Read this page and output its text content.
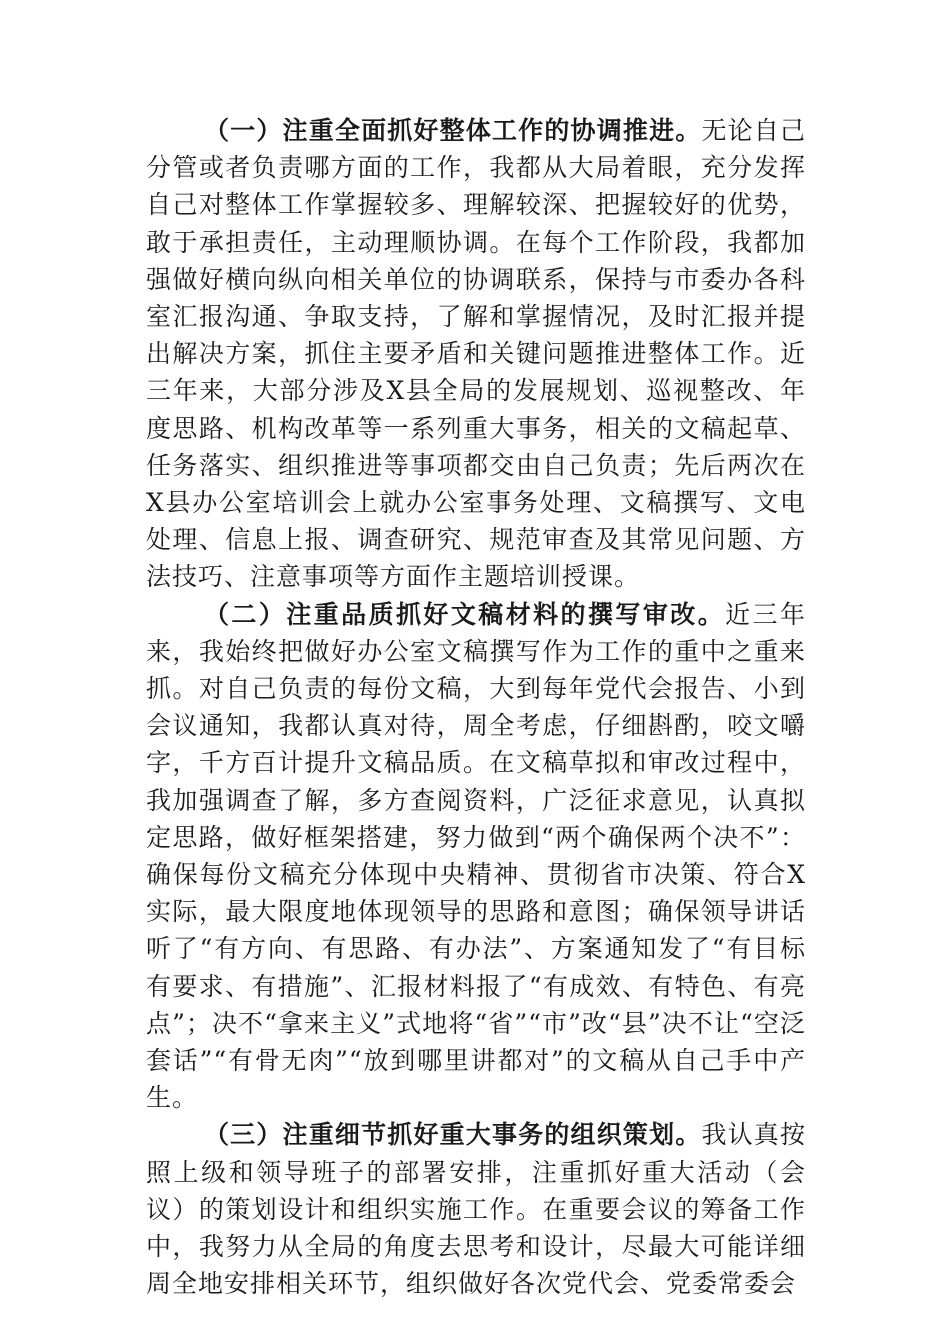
（一）注重全面抓好整体工作的协调推进。无论自己分管或者负责哪方面的工作，我都从大局着眼，充分发挥自己对整体工作掌握较多、理解较深、把握较好的优势，敢于承担责任，主动理顺协调。在每个工作阶段，我都加强做好横向纵向相关单位的协调联系，保持与市委办各科室汇报沟通、争取支持，了解和掌握情况，及时汇报并提出解决方案，抓住主要矛盾和关键问题推进整体工作。近三年来，大部分涉及X县全局的发展规划、巡视整改、年度思路、机构改革等一系列重大事务，相关的文稿起草、任务落实、组织推进等事项都交由自己负责；先后两次在X县办公室培训会上就办公室事务处理、文稿撰写、文电处理、信息上报、调查研究、规范审查及其常见问题、方法技巧、注意事项等方面作主题培训授课。

（二）注重品质抓好文稿材料的撰写审改。近三年来，我始终把做好办公室文稿撰写作为工作的重中之重来抓。对自己负责的每份文稿，大到每年党代会报告、小到会议通知，我都认真对待，周全考虑，仔细斟酌，咬文嚼字，千方百计提升文稿品质。在文稿草拟和审改过程中，我加强调查了解，多方查阅资料，广泛征求意见，认真拟定思路，做好框架搭建，努力做到“两个确保两个决不”：确保每份文稿充分体现中央精神、贯彻省市决策、符合X实际，最大限度地体现领导的思路和意图；确保领导讲话听了“有方向、有思路、有办法”、方案通知发了“有目标有要求、有措施”、汇报材料报了“有成效、有特色、有亮点”；决不“拿来主义”式地将“省”“市”改“县”决不让“空泛套话”“有骨无肉”“放到哪里讲都对”的文稿从自己手中产生。

（三）注重细节抓好重大事务的组织策划。我认真按照上级和领导班子的部署安排，注重抓好重大活动（会议）的策划设计和组织实施工作。在重要会议的筹备工作中，我努力从全局的角度去思考和设计，尽最大可能详细周全地安排相关环节，组织做好各次党代会、党委常委会
